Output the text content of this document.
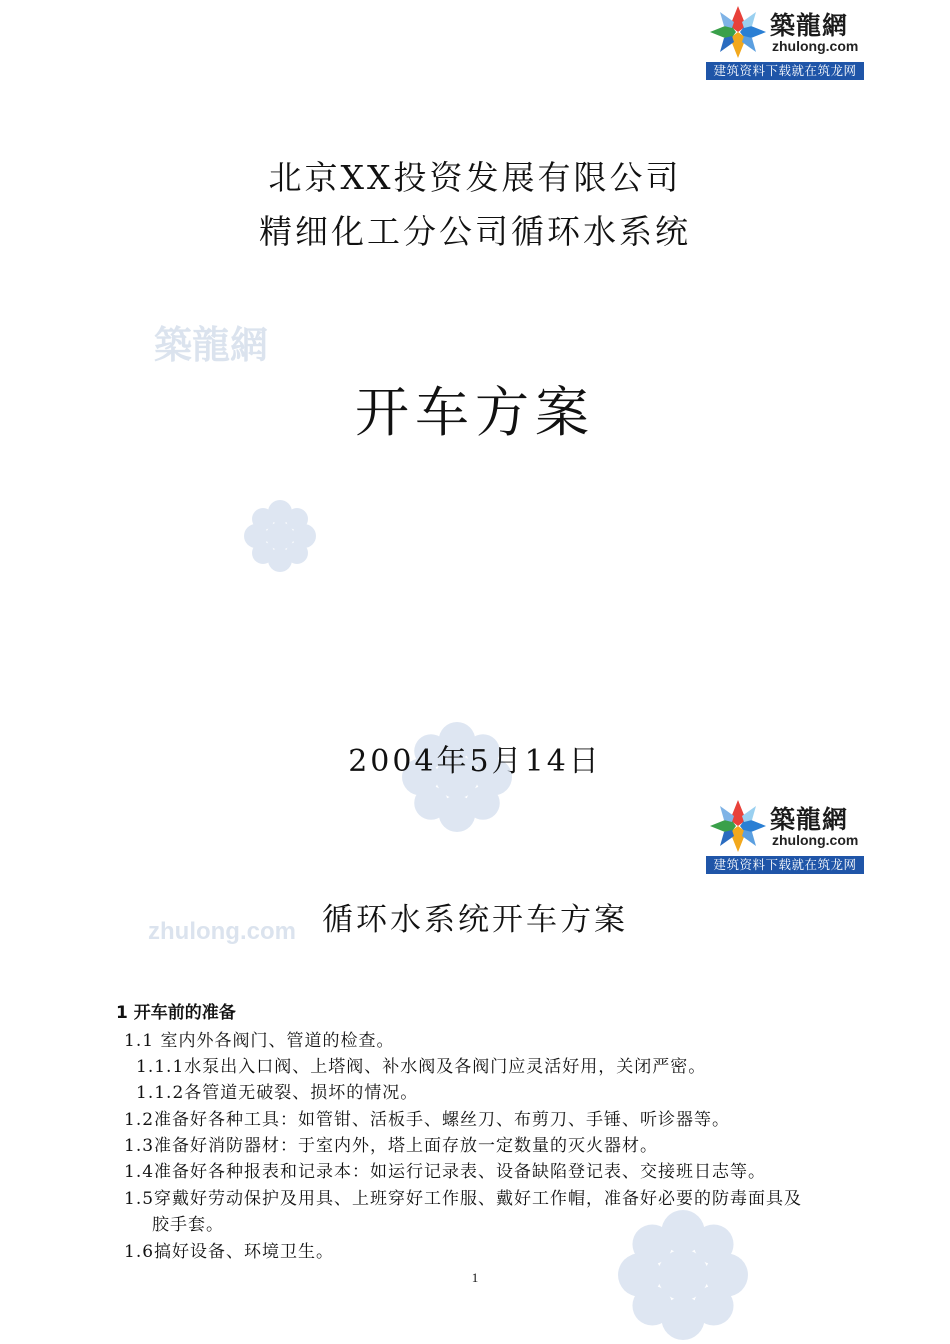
築龍網
zhulong.com
築龍網
zhulong.com
建筑资料下载就在筑龙网
北京XX投资发展有限公司
精细化工分公司循环水系统
开车方案
2004年5月14日
築龍網
zhulong.com
建筑资料下载就在筑龙网
循环水系统开车方案
1 开车前的准备
1.1 室内外各阀门、管道的检查。
1.1.1水泵出入口阀、上塔阀、补水阀及各阀门应灵活好用，关闭严密。
1.1.2各管道无破裂、损坏的情况。
1.2准备好各种工具：如管钳、活板手、螺丝刀、布剪刀、手锤、听诊器等。
1.3准备好消防器材：于室内外，塔上面存放一定数量的灭火器材。
1.4准备好各种报表和记录本：如运行记录表、设备缺陷登记表、交接班日志等。
1.5穿戴好劳动保护及用具、上班穿好工作服、戴好工作帽，准备好必要的防毒面具及
胶手套。
1.6搞好设备、环境卫生。
1
